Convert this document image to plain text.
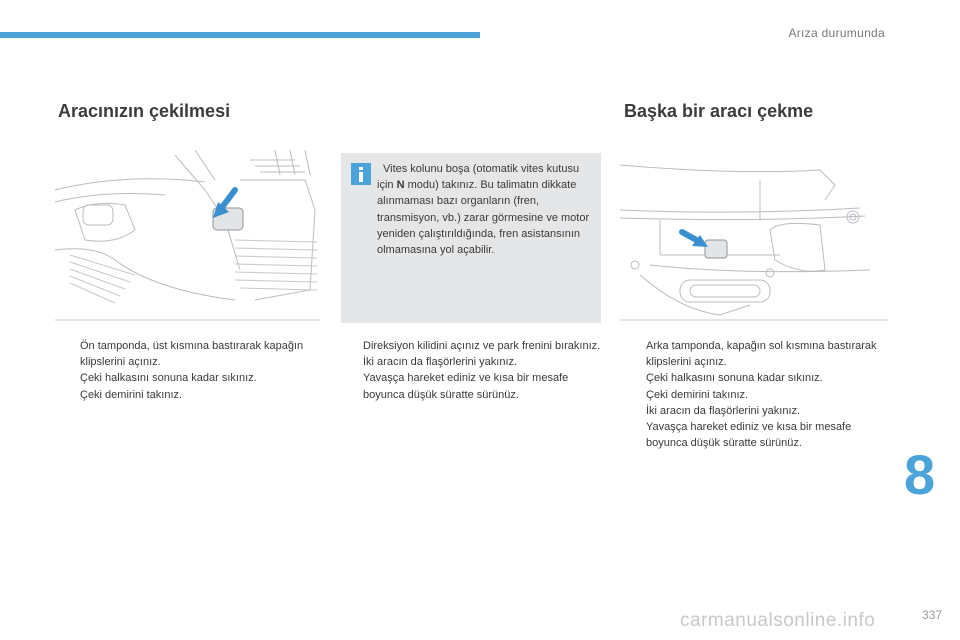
Arıza durumunda
Aracınızın çekilmesi	Başka bir aracı çekme
Vites kolunu boşa (otomatik vites kutusu için N modu) takınız. Bu talimatın dikkate alınmaması bazı organların (fren, transmisyon, vb.) zarar görmesine ve motor yeniden çalıştırıldığında, fren asistansının olmamasına yol açabilir.
Ön tamponda, üst kısmına bastırarak kapağın klipslerini açınız.
Çeki halkasını sonuna kadar sıkınız.
Çeki demirini takınız.
Direksiyon kilidini açınız ve park frenini bırakınız.
İki aracın da flaşörlerini yakınız.
Yavaşça hareket ediniz ve kısa bir mesafe boyunca düşük süratte sürünüz.
Arka tamponda, kapağın sol kısmına bastırarak klipslerini açınız.
Çeki halkasını sonuna kadar sıkınız.
Çeki demirini takınız.
İki aracın da flaşörlerini yakınız.
Yavaşça hareket ediniz ve kısa bir mesafe boyunca düşük süratte sürünüz.	8
carmanualsonline.info	337
